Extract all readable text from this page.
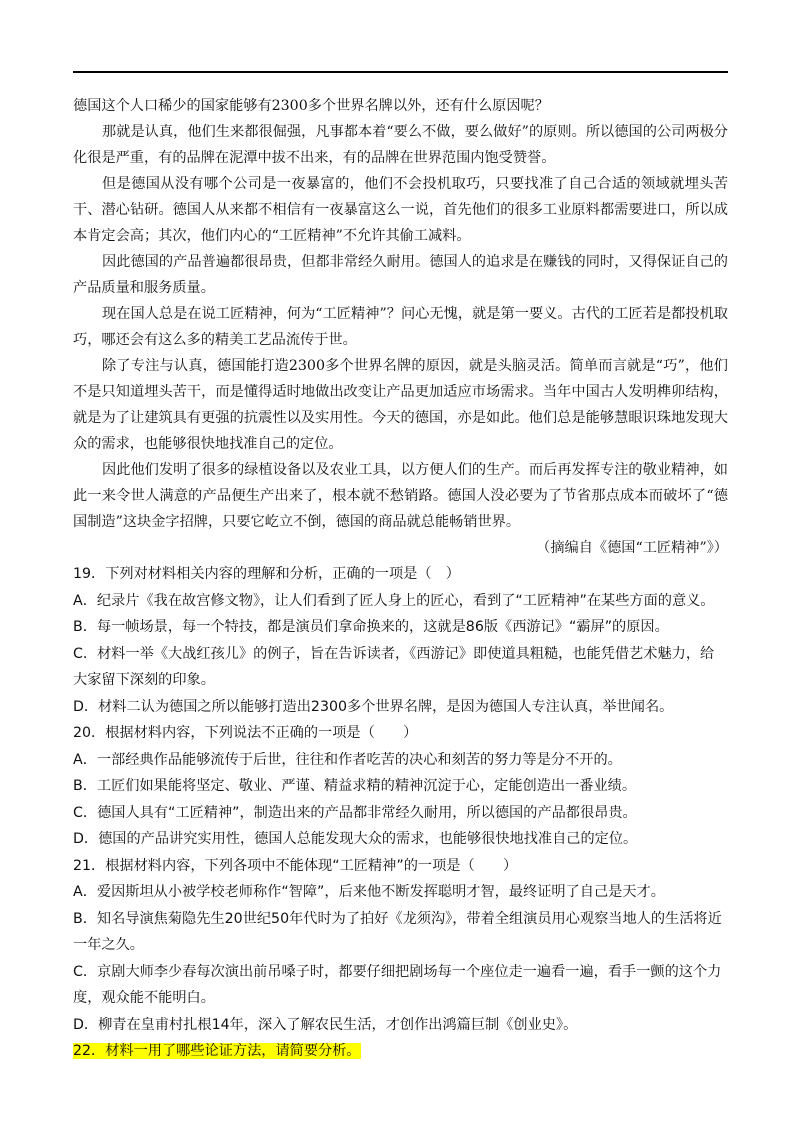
德国这个人口稀少的国家能够有2300多个世界名牌以外，还有什么原因呢？

那就是认真，他们生来都很倔强，凡事都本着“要么不做，要么做好”的原则。所以德国的公司两极分化很是严重，有的品牌在泥潭中拔不出来，有的品牌在世界范围内饱受赞誉。

但是德国从没有哪个公司是一夜暴富的，他们不会投机取巧，只要找准了自己合适的领域就埋头苦干、潜心钻研。德国人从来都不相信有一夜暴富这么一说，首先他们的很多工业原料都需要进口，所以成本肯定会高；其次，他们内心的“工匠精神”不允许其偷工减料。

因此德国的产品普遍都很昂贵，但都非常经久耐用。德国人的追求是在赚钱的同时，又得保证自己的产品质量和服务质量。

现在国人总是在说工匠精神，何为“工匠精神”？问心无愧，就是第一要义。古代的工匠若是都投机取巧，哪还会有这么多的精美工艺品流传于世。

除了专注与认真，德国能打造2300多个世界名牌的原因，就是头脑灵活。简单而言就是“巧”，他们不是只知道埋头苦干，而是懂得适时地做出改变让产品更加适应市场需求。当年中国古人发明榫卯结构，就是为了让建筑具有更强的抗震性以及实用性。今天的德国，亦是如此。他们总是能够慧眼识珠地发现大众的需求，也能够很快地找准自己的定位。

因此他们发明了很多的绿植设备以及农业工具，以方便人们的生产。而后再发挥专注的敬业精神，如此一来令世人满意的产品便生产出来了，根本就不愁销路。德国人没必要为了节省那点成本而破坏了“德国制造”这块金字招牌，只要它屹立不倒，德国的商品就总能畅销世界。

（摘编自《德国“工匠精神”》）

19．下列对材料相关内容的理解和分析，正确的一项是（　）

A．纪录片《我在故宫修文物》，让人们看到了匠人身上的匠心，看到了“工匠精神”在某些方面的意义。

B．每一帧场景，每一个特技，都是演员们拿命换来的，这就是86版《西游记》“霸屏”的原因。

C．材料一举《大战红孩儿》的例子，旨在告诉读者，《西游记》即使道具粗糙，也能凭借艺术魅力，给大家留下深刻的印象。

D．材料二认为德国之所以能够打造出2300多个世界名牌，是因为德国人专注认真，举世闻名。

20．根据材料内容，下列说法不正确的一项是（　　）

A．一部经典作品能够流传于后世，往往和作者吃苦的决心和刻苦的努力等是分不开的。

B．工匠们如果能将坚定、敬业、严谨、精益求精的精神沉淀于心，定能创造出一番业绩。

C．德国人具有“工匠精神”，制造出来的产品都非常经久耐用，所以德国的产品都很昂贵。

D．德国的产品讲究实用性，德国人总能发现大众的需求，也能够很快地找准自己的定位。

21．根据材料内容，下列各项中不能体现“工匠精神”的一项是（　　）

A．爱因斯坦从小被学校老师称作“智障”，后来他不断发挥聪明才智，最终证明了自己是天才。

B．知名导演焦菊隐先生20世纪50年代时为了拍好《龙须沟》，带着全组演员用心观察当地人的生活将近一年之久。

C．京剧大师李少春每次演出前吊嗓子时，都要仔细把剧场每一个座位走一遍看一遍，看手一颤的这个力度，观众能不能明白。

D．柳青在皇甫村扎根14年，深入了解农民生活，才创作出鸿篇巨制《创业史》。

22．材料一用了哪些论证方法，请简要分析。
